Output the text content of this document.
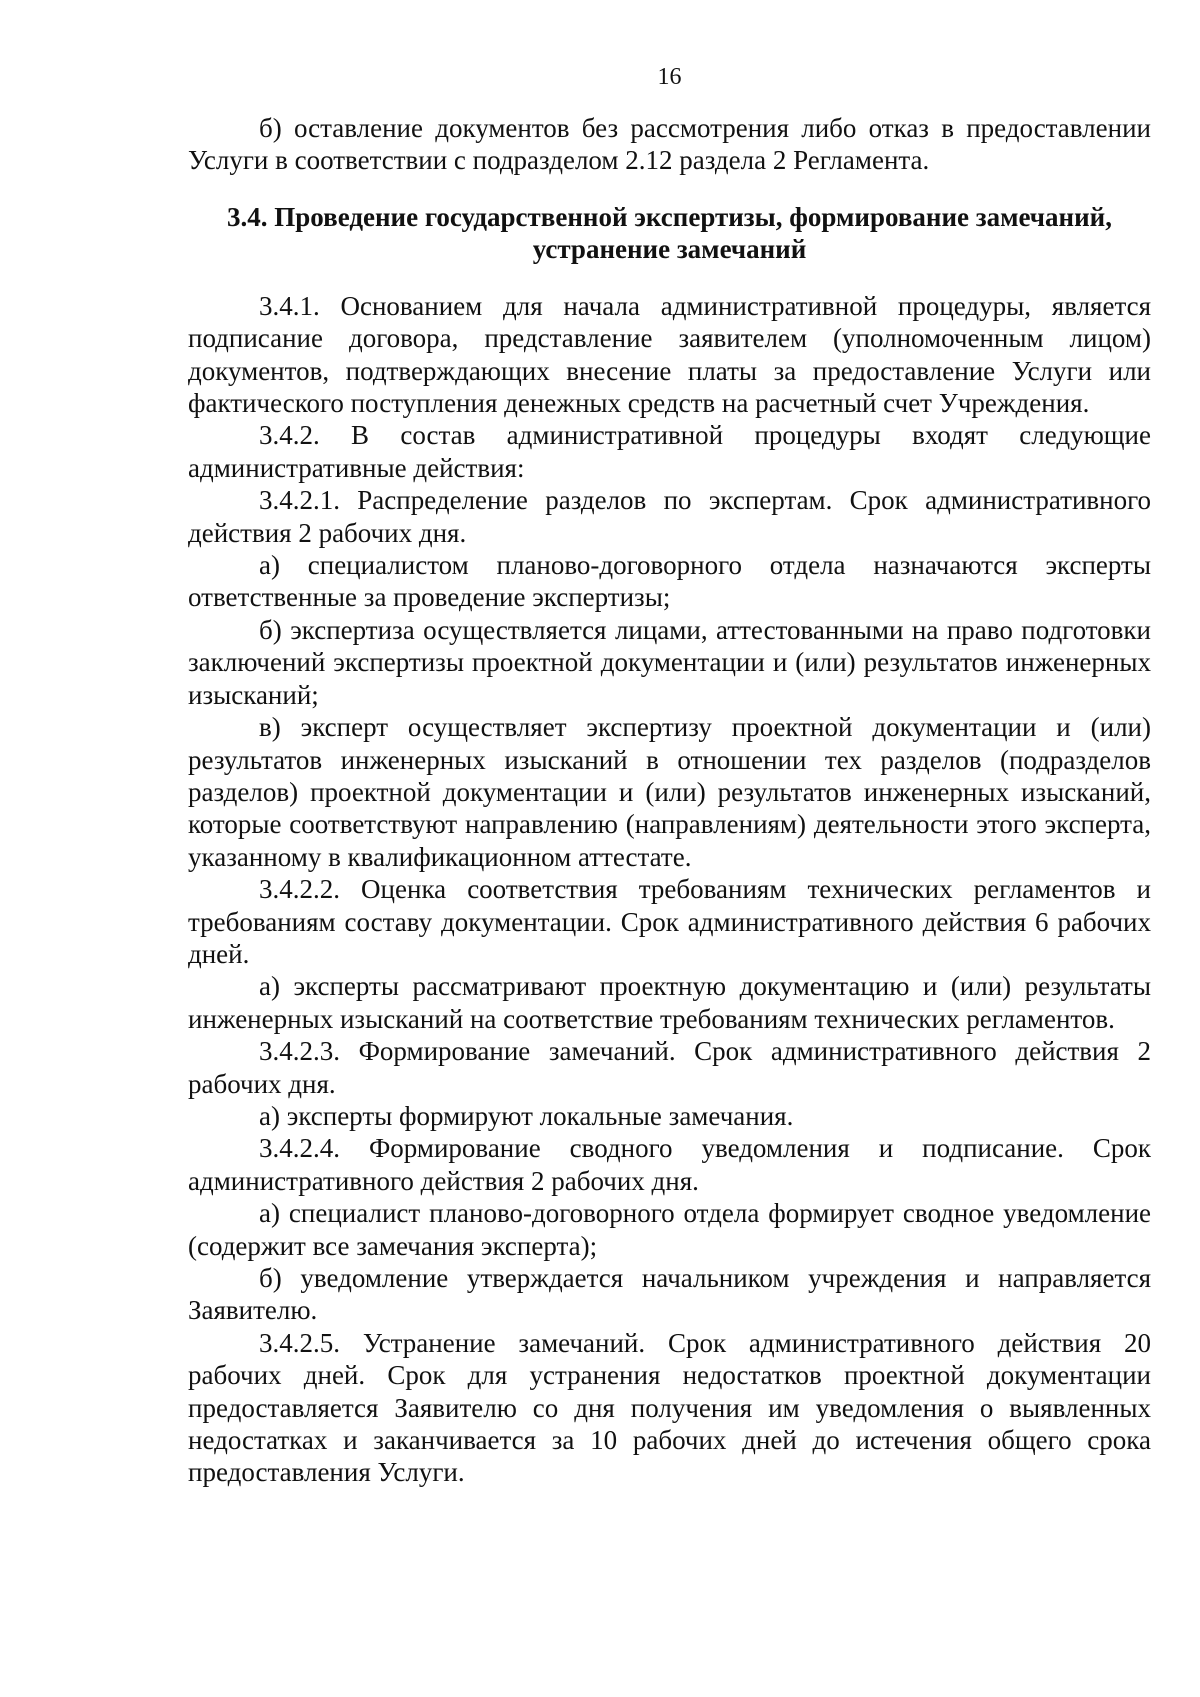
16

б) оставление документов без рассмотрения либо отказ в предоставлении Услуги в соответствии с подразделом 2.12 раздела 2 Регламента.

3.4. Проведение государственной экспертизы, формирование замечаний,
устранение замечаний

3.4.1. Основанием для начала административной процедуры, является подписание договора, представление заявителем (уполномоченным лицом) документов, подтверждающих внесение платы за предоставление Услуги или фактического поступления денежных средств на расчетный счет Учреждения.

3.4.2. В состав административной процедуры входят следующие административные действия:

3.4.2.1. Распределение разделов по экспертам. Срок административного действия 2 рабочих дня.

а) специалистом планово-договорного отдела назначаются эксперты ответственные за проведение экспертизы;

б) экспертиза осуществляется лицами, аттестованными на право подготовки заключений экспертизы проектной документации и (или) результатов инженерных изысканий;

в) эксперт осуществляет экспертизу проектной документации и (или) результатов инженерных изысканий в отношении тех разделов (подразделов разделов) проектной документации и (или) результатов инженерных изысканий, которые соответствуют направлению (направлениям) деятельности этого эксперта, указанному в квалификационном аттестате.

3.4.2.2. Оценка соответствия требованиям технических регламентов и требованиям составу документации. Срок административного действия 6 рабочих дней.

а) эксперты рассматривают проектную документацию и (или) результаты инженерных изысканий на соответствие требованиям технических регламентов.

3.4.2.3. Формирование замечаний. Срок административного действия 2 рабочих дня.

а) эксперты формируют локальные замечания.

3.4.2.4. Формирование сводного уведомления и подписание. Срок административного действия 2 рабочих дня.

а) специалист планово-договорного отдела формирует сводное уведомление (содержит все замечания эксперта);

б) уведомление утверждается начальником учреждения и направляется Заявителю.

3.4.2.5. Устранение замечаний. Срок административного действия 20 рабочих дней. Срок для устранения недостатков проектной документации предоставляется Заявителю со дня получения им уведомления о выявленных недостатках и заканчивается за 10 рабочих дней до истечения общего срока предоставления Услуги.
